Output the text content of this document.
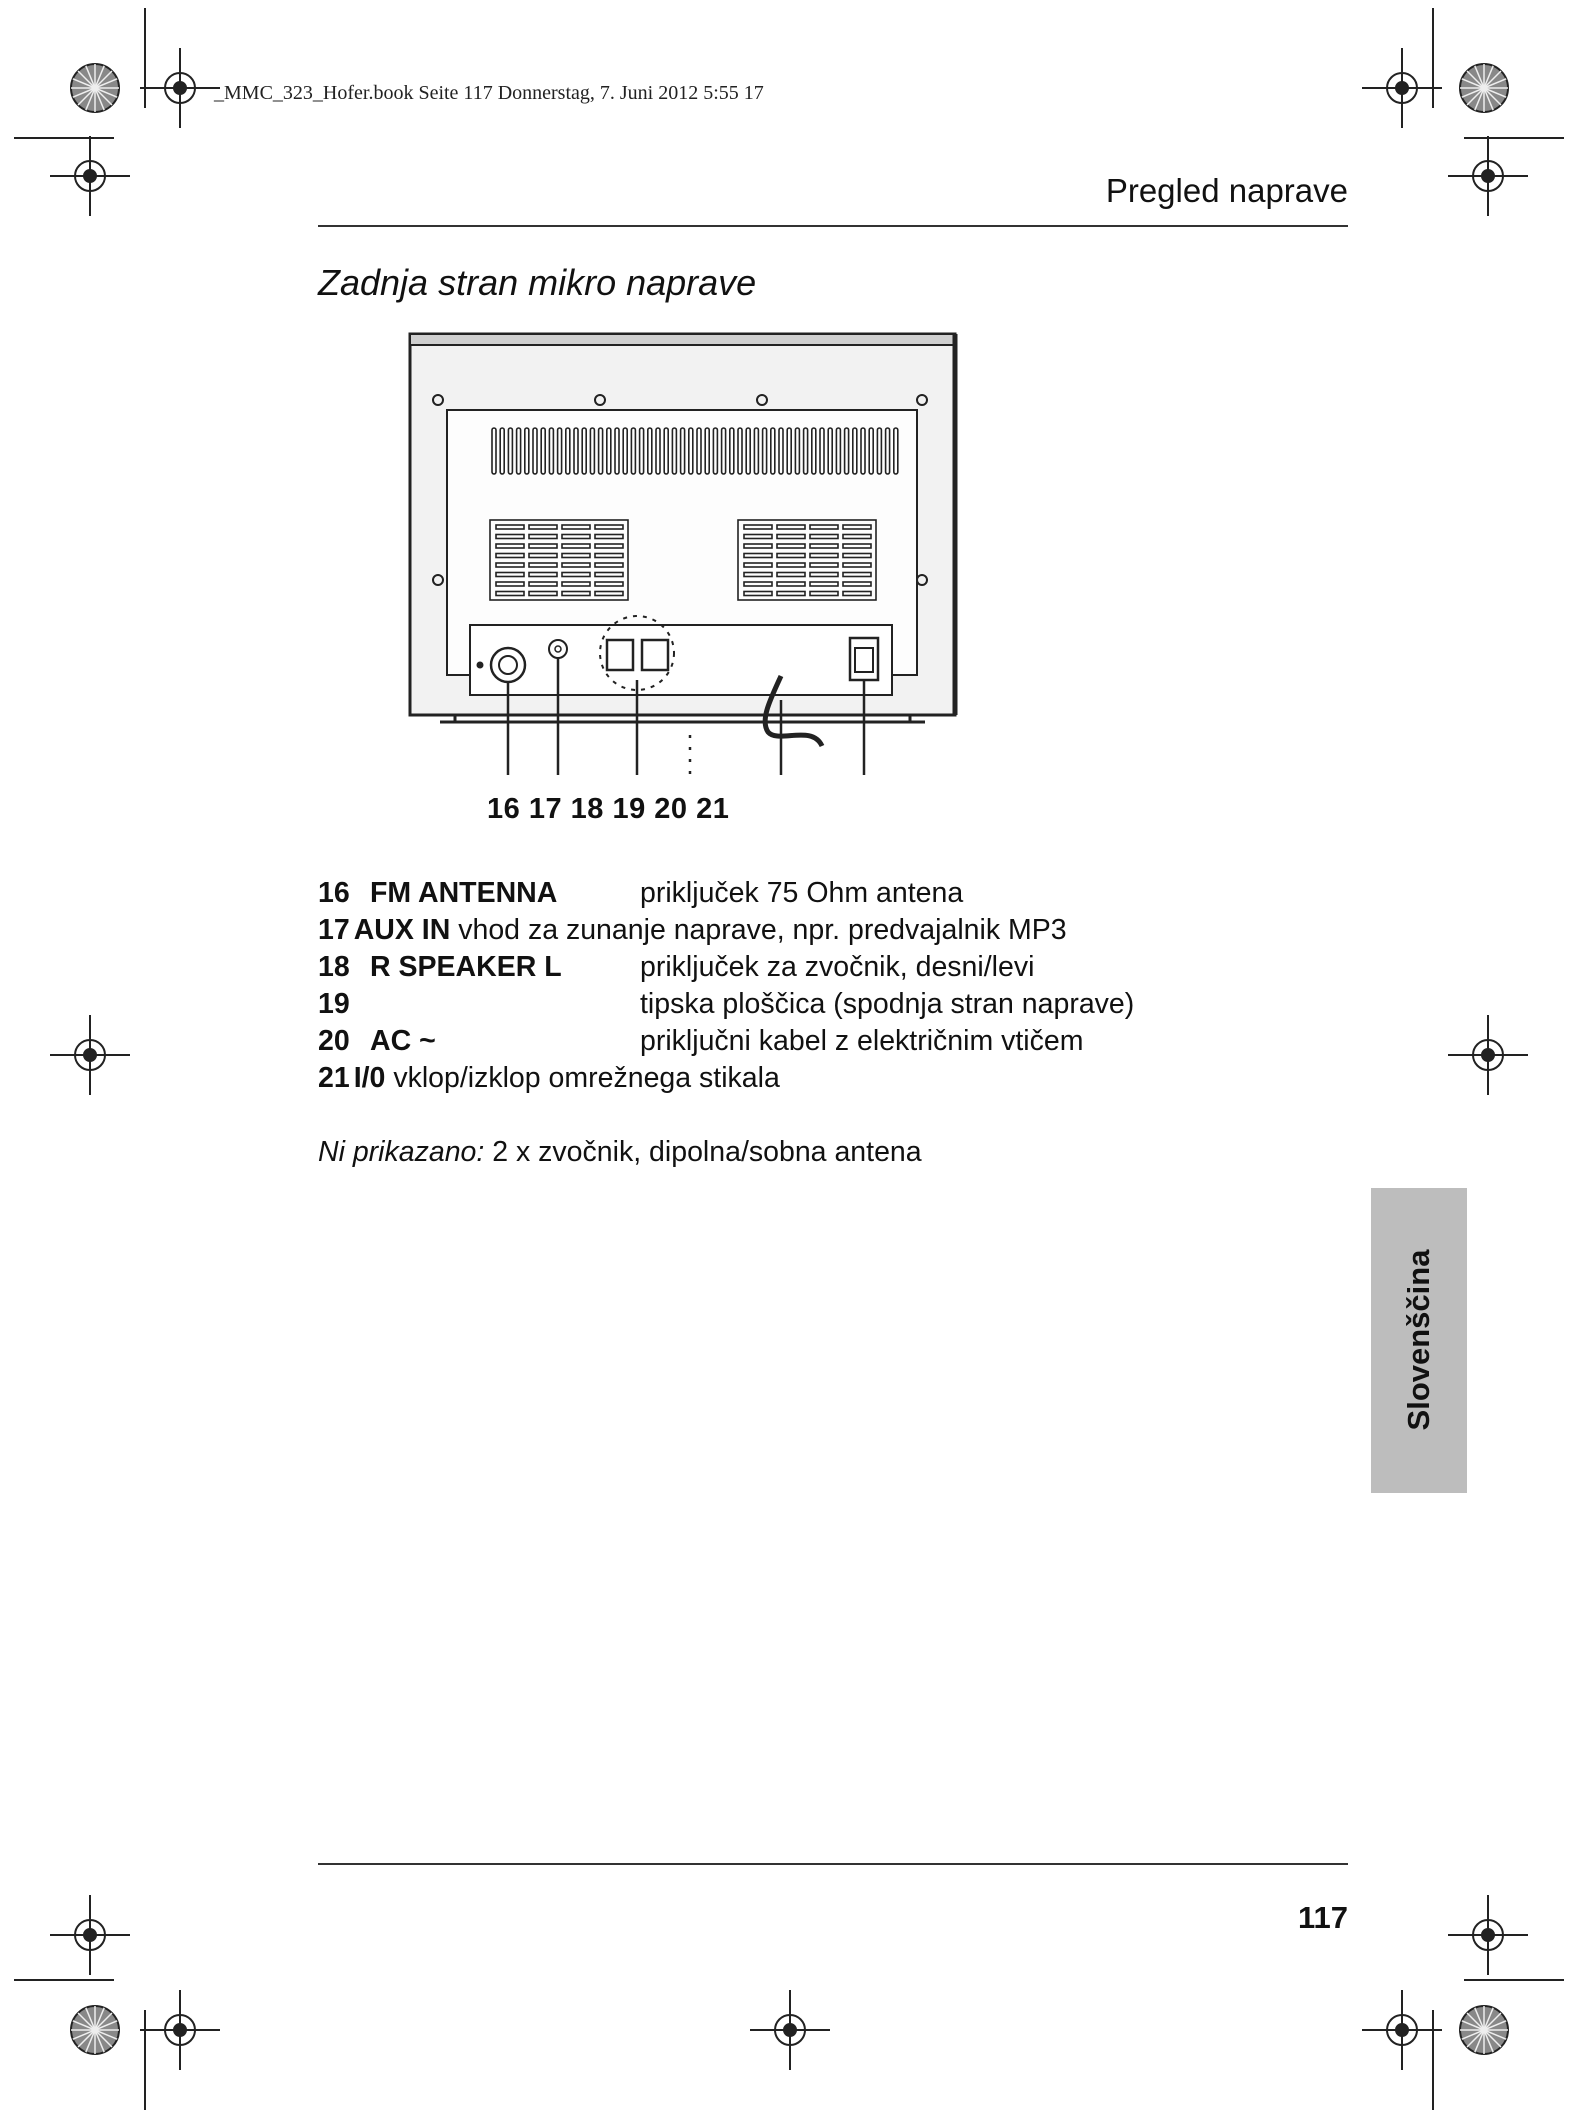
_MMC_323_Hofer.book Seite 117 Donnerstag, 7. Juni 2012 5:55 17
Pregled naprave
Zadnja stran mikro naprave
16 17 18 19 20 21
16 FM ANTENNA	priključek 75 Ohm antena
17 AUX IN vhod za zunanje naprave, npr. predvajalnik MP3
18 R SPEAKER L	priključek za zvočnik, desni/levi
19	tipska ploščica (spodnja stran naprave)
20 AC ~	priključni kabel z električnim vtičem
21 I/0 vklop/izklop omrežnega stikala
Ni prikazano: 2 x zvočnik, dipolna/sobna antena
Slovenščina
117
